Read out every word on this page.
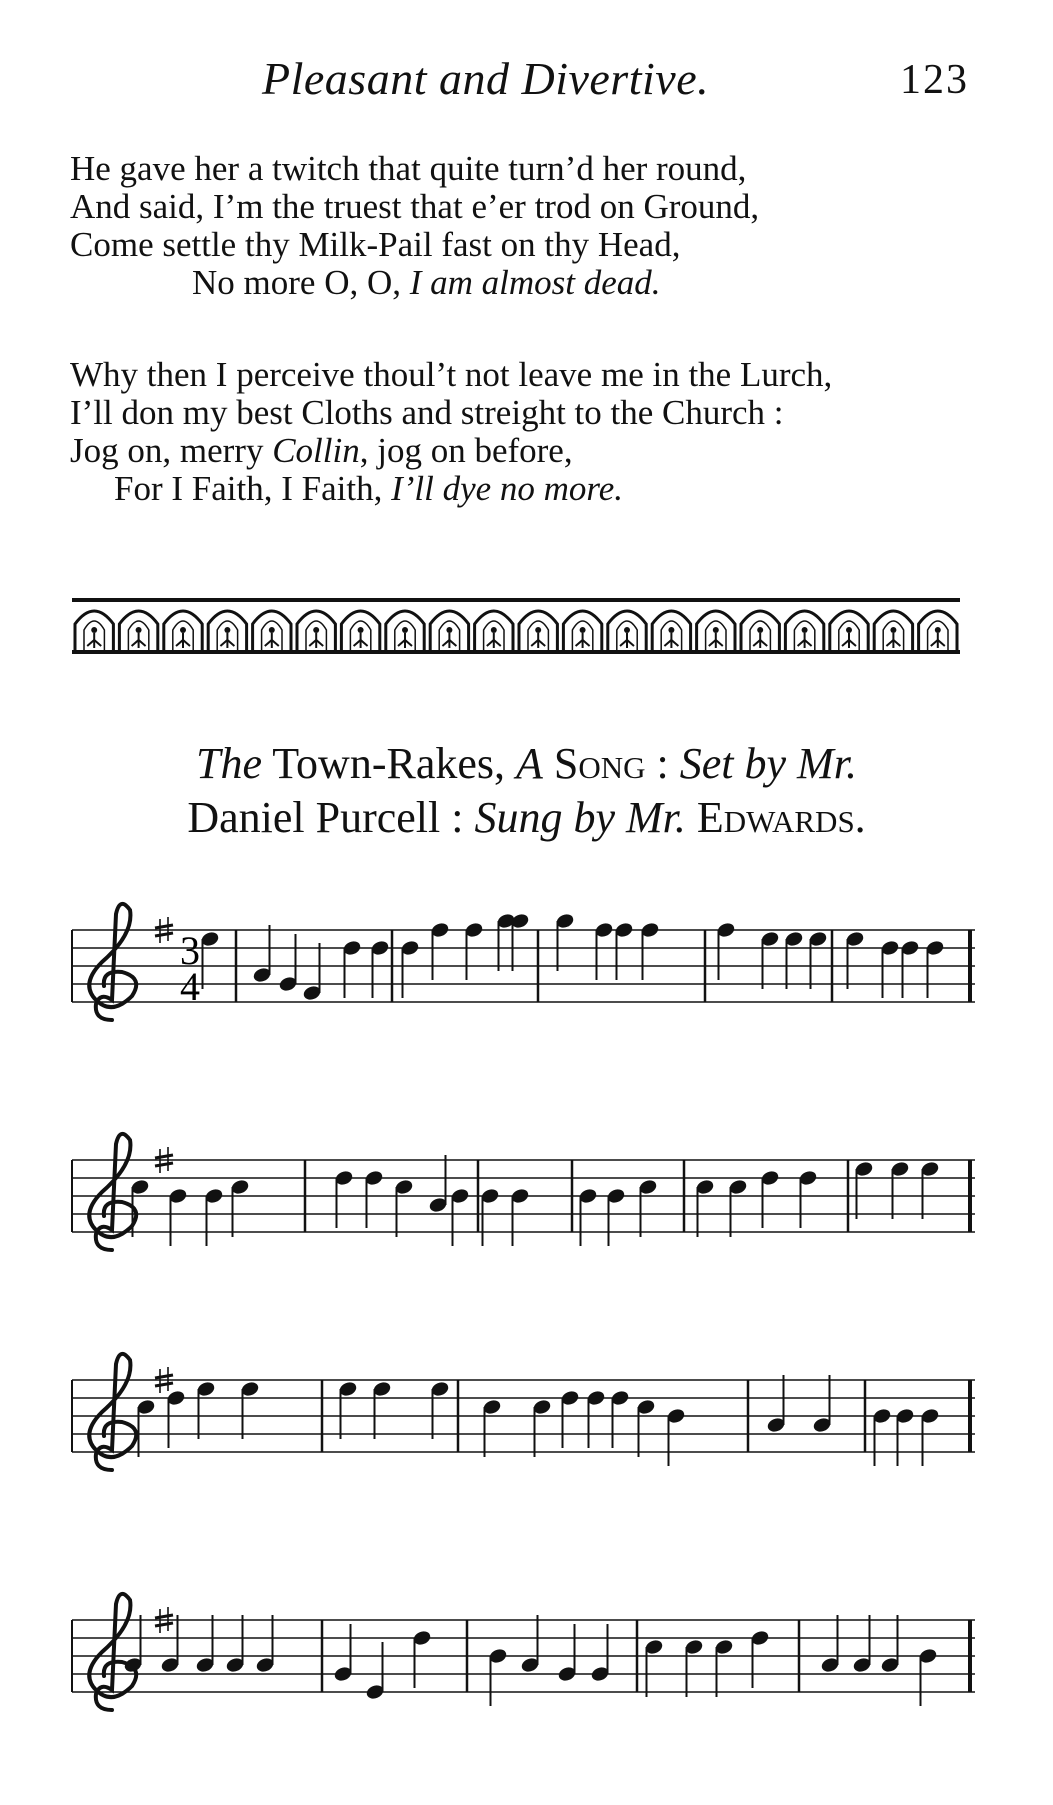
Pleasant and Divertive.	123
He gave her a twitch that quite turn’d her round,
And said, I’m the truest that e’er trod on Ground,
Come settle thy Milk-Pail fast on thy Head,
No more O, O, I am almost dead.
Why then I perceive thoul’t not leave me in the Lurch,
I’ll don my best Cloths and streight to the Church :
Jog on, merry Collin, jog on before,
For I Faith, I Faith, I’ll dye no more.
The Town-Rakes, A Song : Set by Mr.
Daniel Purcell : Sung by Mr. Edwards.
3
4
